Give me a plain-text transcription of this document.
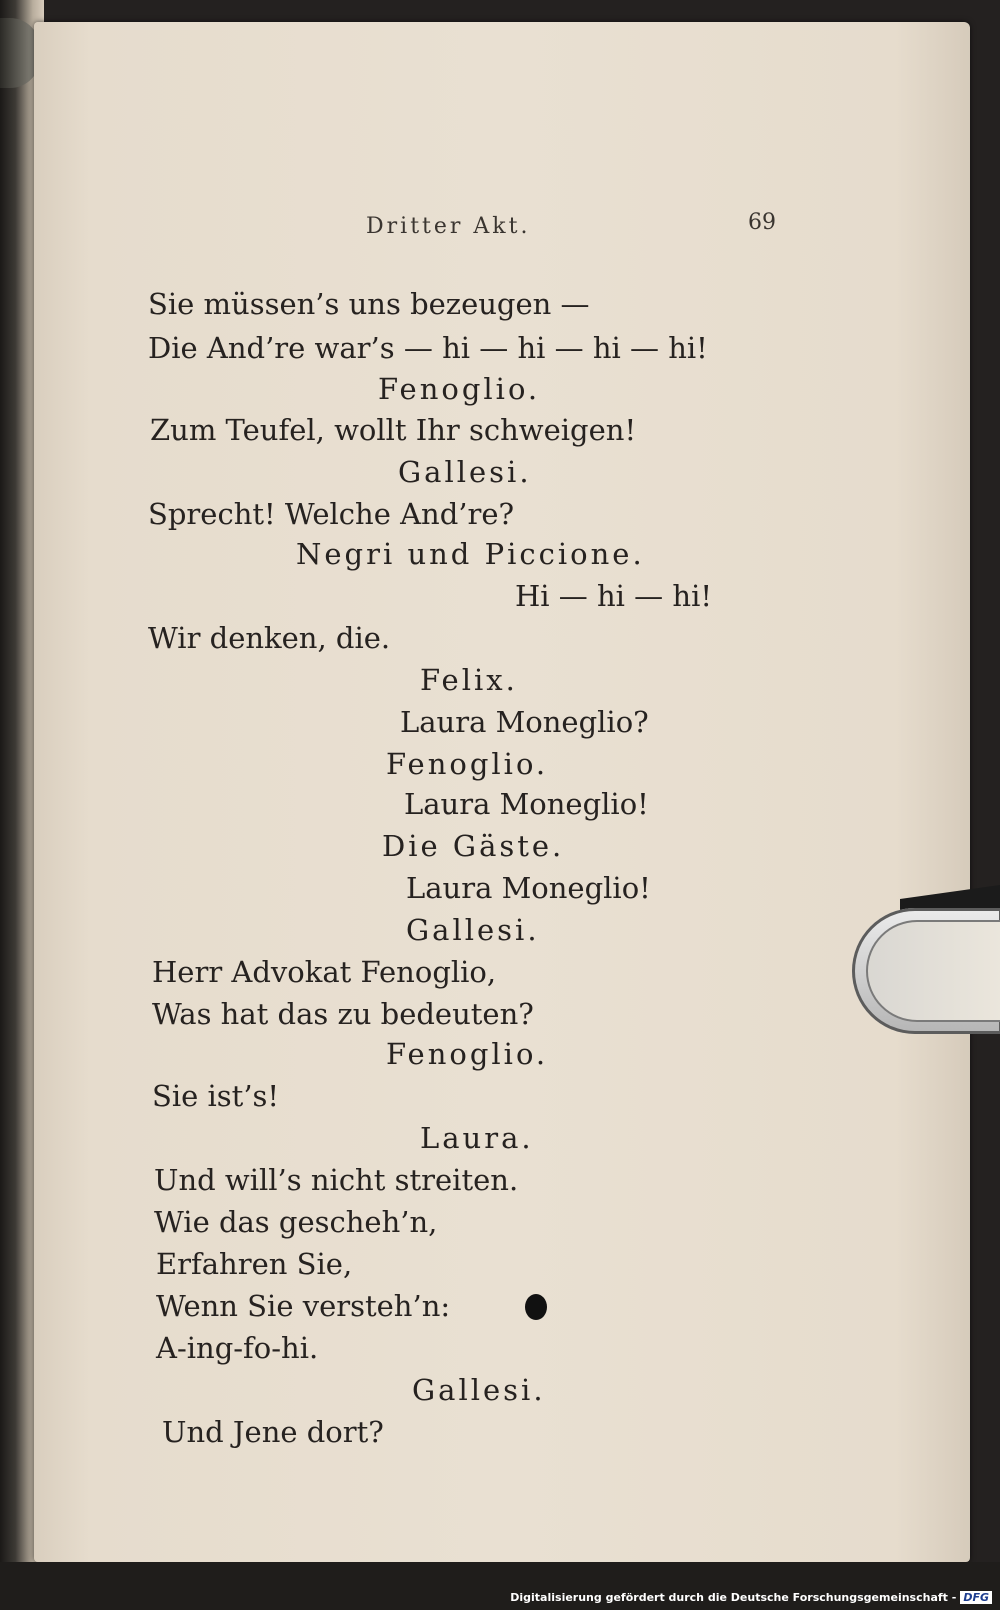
Dritter Akt.	69

Sie müssen’s uns bezeugen —

Die And’re war’s — hi — hi — hi — hi!

Fenoglio.

Zum Teufel, wollt Ihr schweigen!

Gallesi.

Sprecht! Welche And’re?

Negri und Piccione.

Hi — hi — hi!

Wir denken, die.

Felix.

Laura Moneglio?

Fenoglio.

Laura Moneglio!

Die Gäste.

Laura Moneglio!

Gallesi.

Herr Advokat Fenoglio,

Was hat das zu bedeuten?

Fenoglio.

Sie ist’s!

Laura.

Und will’s nicht streiten.

Wie das gescheh’n,

Erfahren Sie,

Wenn Sie versteh’n:

A-ing-fo-hi.

Gallesi.

Und Jene dort?

Digitalisierung gefördert durch die Deutsche Forschungsgemeinschaft - DFG
